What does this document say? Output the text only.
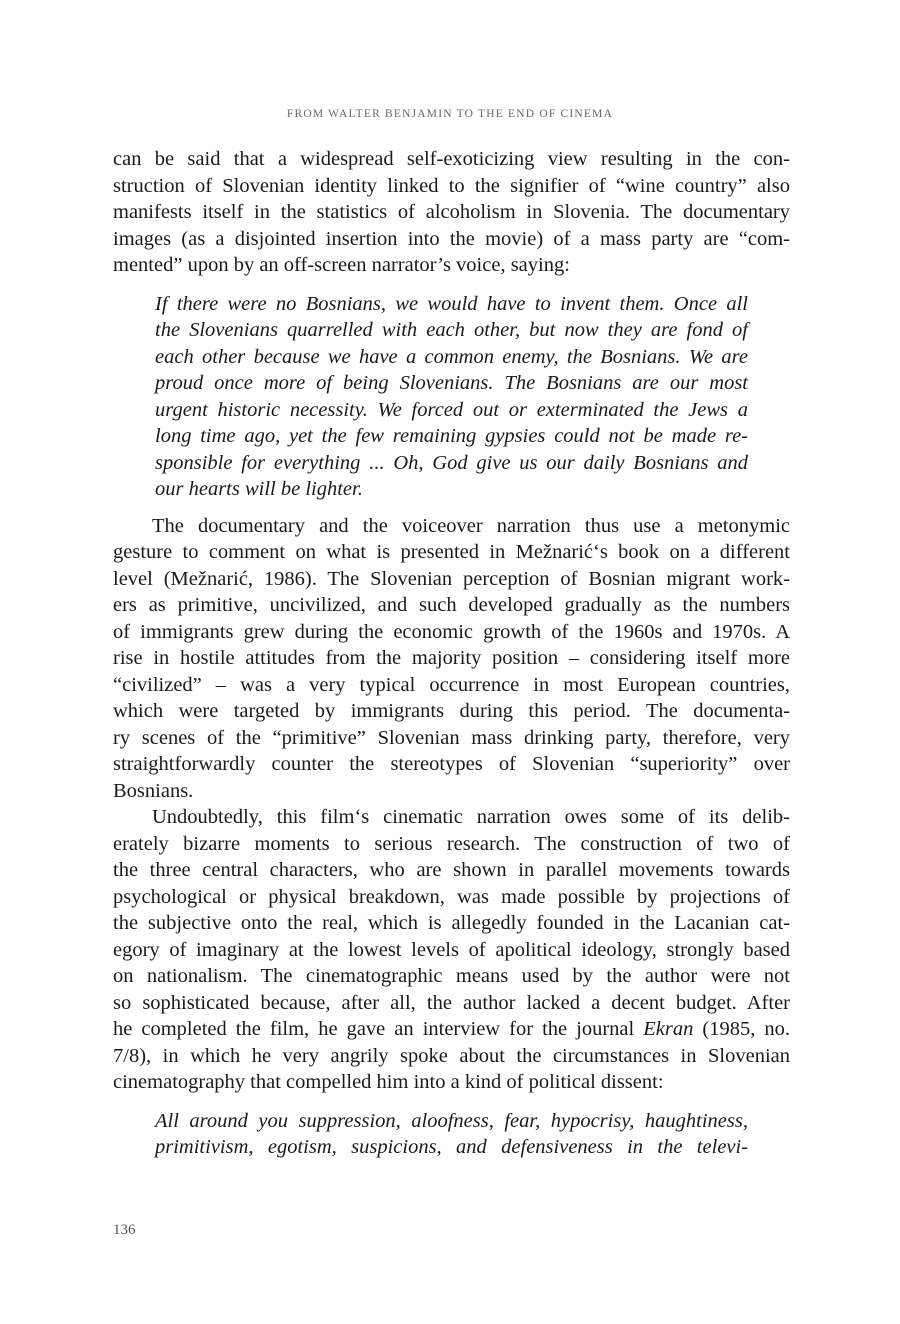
FROM WALTER BENJAMIN TO THE END OF CINEMA
can be said that a widespread self-exoticizing view resulting in the con-
struction of Slovenian identity linked to the signifier of “wine country” also
manifests itself in the statistics of alcoholism in Slovenia. The documentary
images (as a disjointed insertion into the movie) of a mass party are “com-
mented” upon by an off-screen narrator’s voice, saying:
If there were no Bosnians, we would have to invent them. Once all
the Slovenians quarrelled with each other, but now they are fond of
each other because we have a common enemy, the Bosnians. We are
proud once more of being Slovenians. The Bosnians are our most
urgent historic necessity. We forced out or exterminated the Jews a
long time ago, yet the few remaining gypsies could not be made re-
sponsible for everything ... Oh, God give us our daily Bosnians and
our hearts will be lighter.
The documentary and the voiceover narration thus use a metonymic
gesture to comment on what is presented in Mežnarić‘s book on a different
level (Mežnarić, 1986). The Slovenian perception of Bosnian migrant work-
ers as primitive, uncivilized, and such developed gradually as the numbers
of immigrants grew during the economic growth of the 1960s and 1970s. A
rise in hostile attitudes from the majority position – considering itself more
“civilized” – was a very typical occurrence in most European countries,
which were targeted by immigrants during this period. The documenta-
ry scenes of the “primitive” Slovenian mass drinking party, therefore, very
straightforwardly counter the stereotypes of Slovenian “superiority” over
Bosnians.
Undoubtedly, this film‘s cinematic narration owes some of its delib-
erately bizarre moments to serious research. The construction of two of
the three central characters, who are shown in parallel movements towards
psychological or physical breakdown, was made possible by projections of
the subjective onto the real, which is allegedly founded in the Lacanian cat-
egory of imaginary at the lowest levels of apolitical ideology, strongly based
on nationalism. The cinematographic means used by the author were not
so sophisticated because, after all, the author lacked a decent budget. After
he completed the film, he gave an interview for the journal Ekran (1985, no.
7/8), in which he very angrily spoke about the circumstances in Slovenian
cinematography that compelled him into a kind of political dissent:
All around you suppression, aloofness, fear, hypocrisy, haughtiness,
primitivism, egotism, suspicions, and defensiveness in the televi-
136
